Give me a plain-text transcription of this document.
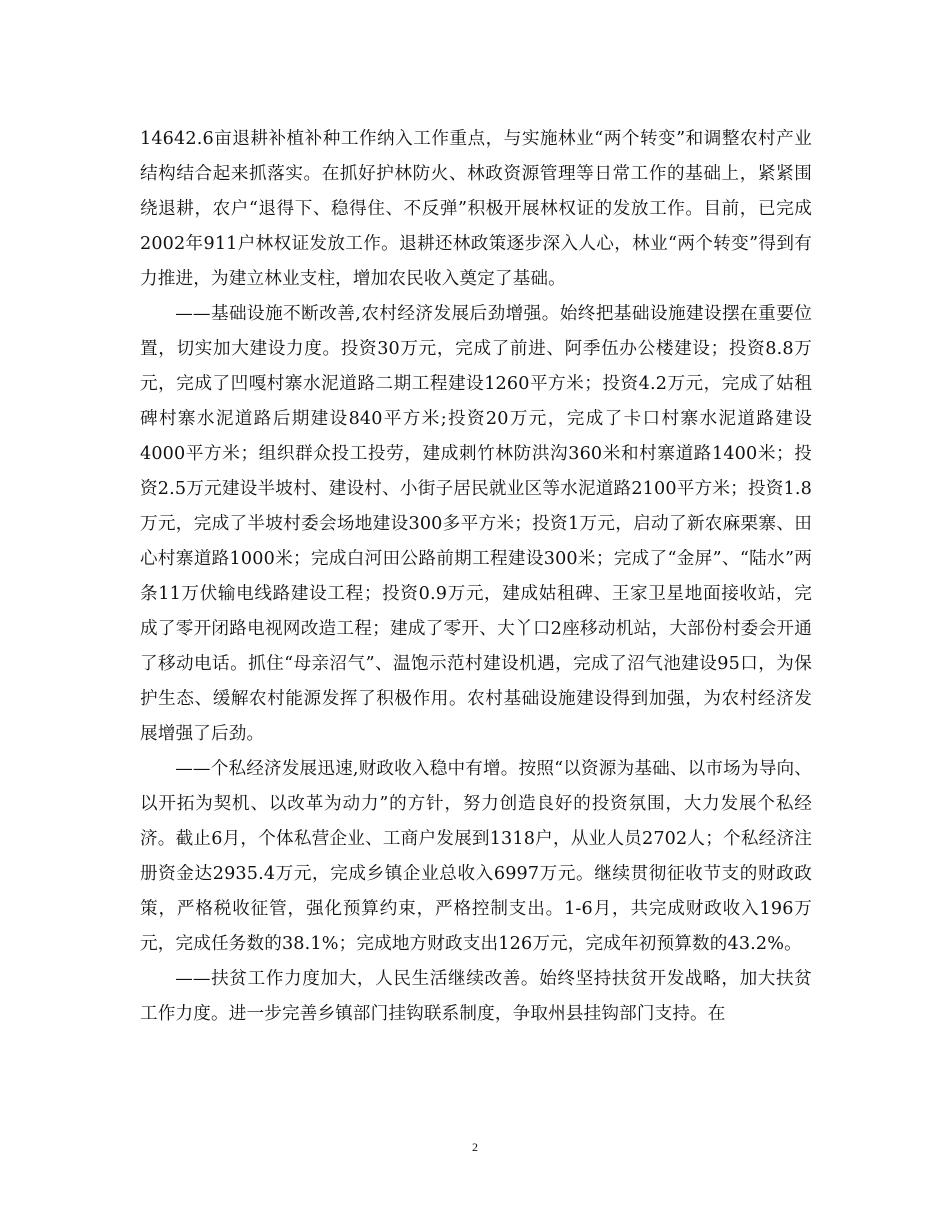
14642.6亩退耕补植补种工作纳入工作重点，与实施林业“两个转变”和调整农村产业结构结合起来抓落实。在抓好护林防火、林政资源管理等日常工作的基础上，紧紧围绕退耕，农户“退得下、稳得住、不反弹”积极开展林权证的发放工作。目前，已完成2002年911户林权证发放工作。退耕还林政策逐步深入人心，林业“两个转变”得到有力推进，为建立林业支柱，增加农民收入奠定了基础。

——基础设施不断改善,农村经济发展后劲增强。始终把基础设施建设摆在重要位置，切实加大建设力度。投资30万元，完成了前进、阿季伍办公楼建设；投资8.8万元，完成了凹嘎村寨水泥道路二期工程建设1260平方米；投资4.2万元，完成了姑租碑村寨水泥道路后期建设840平方米;投资20万元，完成了卡口村寨水泥道路建设4000平方米；组织群众投工投劳，建成刺竹林防洪沟360米和村寨道路1400米；投资2.5万元建设半坡村、建设村、小街子居民就业区等水泥道路2100平方米；投资1.8万元，完成了半坡村委会场地建设300多平方米；投资1万元，启动了新农麻栗寨、田心村寨道路1000米；完成白河田公路前期工程建设300米；完成了“金屏”、“陆水”两条11万伏输电线路建设工程；投资0.9万元，建成姑租碑、王家卫星地面接收站，完成了零开闭路电视网改造工程；建成了零开、大丫口2座移动机站，大部份村委会开通了移动电话。抓住“母亲沼气”、温饱示范村建设机遇，完成了沼气池建设95口，为保护生态、缓解农村能源发挥了积极作用。农村基础设施建设得到加强，为农村经济发展增强了后劲。

——个私经济发展迅速,财政收入稳中有增。按照“以资源为基础、以市场为导向、以开拓为契机、以改革为动力”的方针，努力创造良好的投资氛围，大力发展个私经济。截止6月，个体私营企业、工商户发展到1318户，从业人员2702人；个私经济注册资金达2935.4万元，完成乡镇企业总收入6997万元。继续贯彻征收节支的财政政策，严格税收征管，强化预算约束，严格控制支出。1-6月，共完成财政收入196万元，完成任务数的38.1%；完成地方财政支出126万元，完成年初预算数的43.2%。

——扶贫工作力度加大，人民生活继续改善。始终坚持扶贫开发战略，加大扶贫工作力度。进一步完善乡镇部门挂钩联系制度，争取州县挂钩部门支持。在

2
